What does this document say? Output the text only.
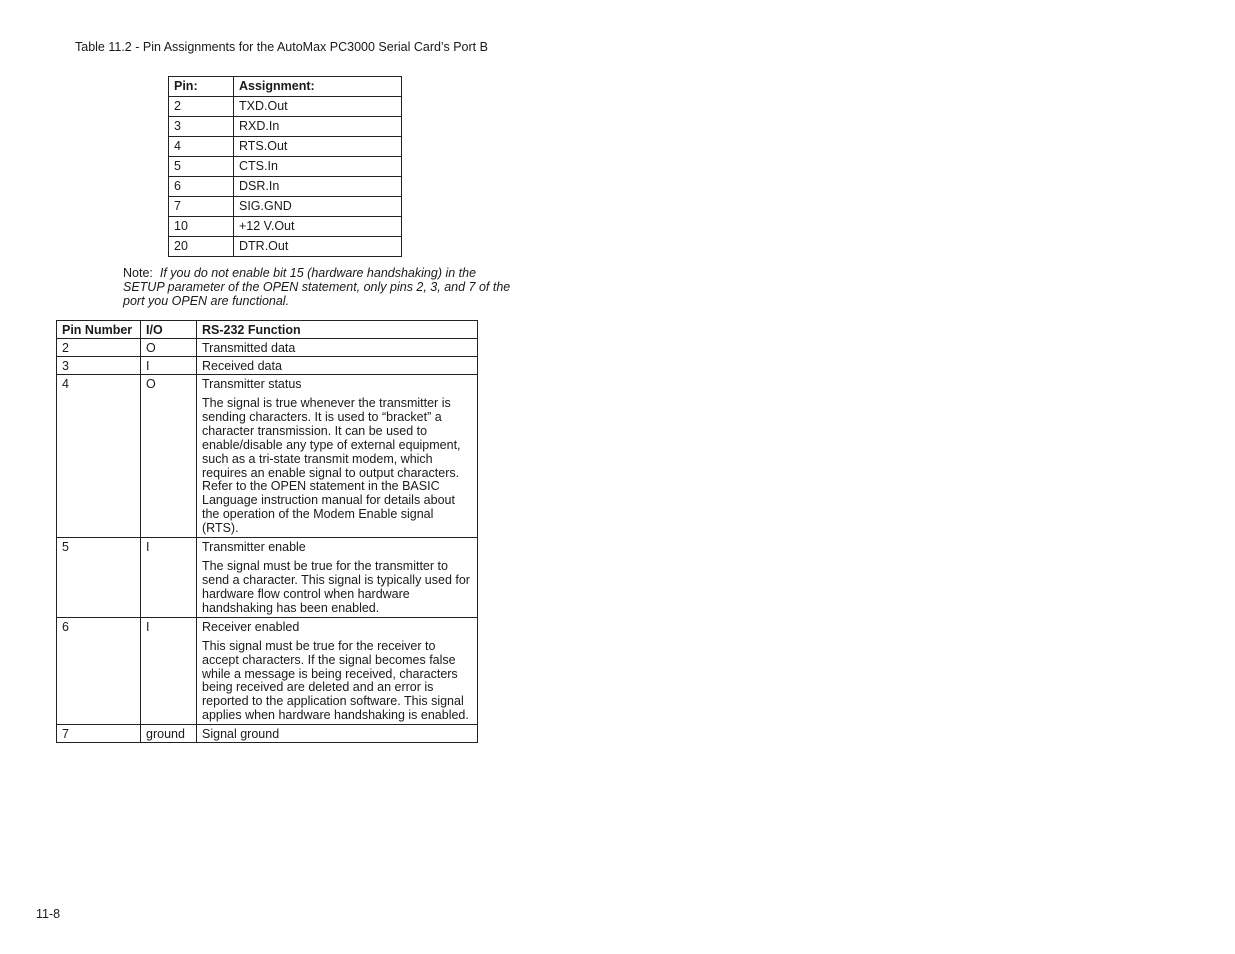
Table 11.2 - Pin Assignments for the AutoMax PC3000 Serial Card’s Port B
Pin:	Assignment:
2	TXD.Out
3	RXD.In
4	RTS.Out
5	CTS.In
6	DSR.In
7	SIG.GND
10	+12 V.Out
20	DTR.Out
Note: If you do not enable bit 15 (hardware handshaking) in the SETUP parameter of the OPEN statement, only pins 2, 3, and 7 of the port you OPEN are functional.
Pin Number	I/O	RS-232 Function
2	O	Transmitted data

3	I	Received data

4	O	Transmitter status
The signal is true whenever the transmitter is sending characters. It is used to “bracket” a character transmission. It can be used to enable/disable any type of external equipment, such as a tri-state transmit modem, which requires an enable signal to output characters. Refer to the OPEN statement in the BASIC Language instruction manual for details about the operation of the Modem Enable signal (RTS).

5	I	Transmitter enable
The signal must be true for the transmitter to send a character. This signal is typically used for hardware flow control when hardware handshaking has been enabled.

6	I	Receiver enabled
This signal must be true for the receiver to accept characters. If the signal becomes false while a message is being received, characters being received are deleted and an error is reported to the application software. This signal applies when hardware handshaking is enabled.

7	ground	Signal ground
11-8
